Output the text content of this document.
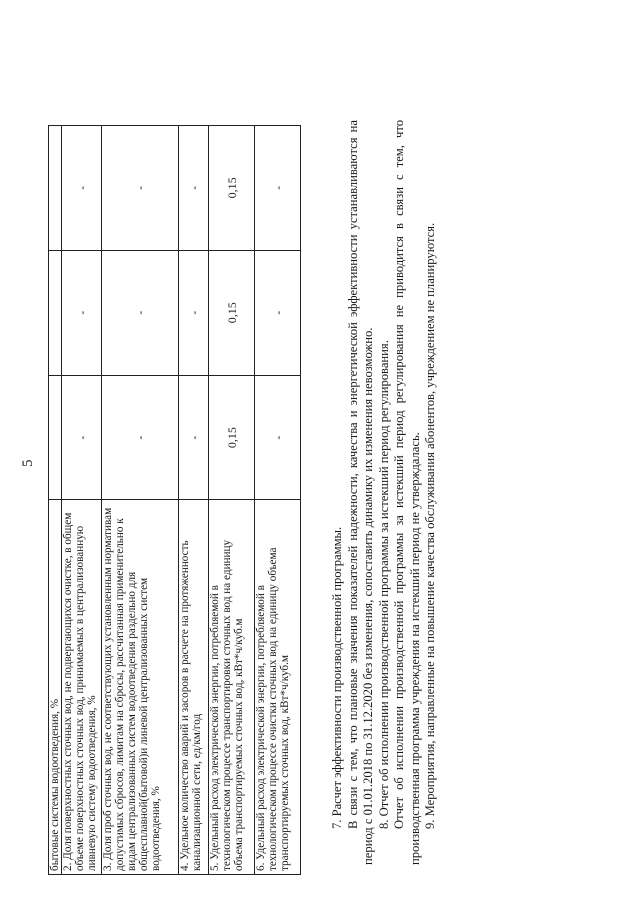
5
бытовые системы водоотведения, %			
2. Доля поверхностных сточных вод, не подвергающихся очистке, в общем объеме поверхностных сточных вод, принимаемых в централизованную ливневую систему водоотведения, %	-	-	-
3. Доля проб сточных вод, не соответствующих установленным нормативам допустимых сбросов, лимитам на сбросы, рассчитанная применительно к видам централизованных систем водоотведения раздельно для общесплавной(бытовой)и линевой централизованных систем водоотведения, %	-	-	-
4. Удельное количество аварий и засоров в расчете на протяженность канализационной сети, ед/км/год	-	-	-
5. Удельный расход электрической энергии, потребляемой в технологическом процессе транспортировки сточных вод на единицу объема транспортируемых сточных вод, кВт*ч/куб.м	0,15	0,15	0,15
6. Удельный расход электрической энергии, потребляемой в технологическом процессе очистки сточных вод на единицу объема транспортируемых сточных вод, кВт*ч/куб.м	-	-	-

7. Расчет эффективности производственной программы. В связи с тем, что плановые значения показателей надежности, качества и энергетической эффективности устанавливаются на период с 01.01.2018 по 31.12.2020 без изменения, сопоставить динамику их изменения невозможно. 8. Отчет об исполнении производственной программы за истекший период регулирования. Отчет об исполнении производственной программы за истекший период регулирования не приводится в связи с тем, что производственная программа учреждения на истекший период не утверждалась. 9. Мероприятия, направленные на повышение качества обслуживания абонентов, учреждением не планируются.
